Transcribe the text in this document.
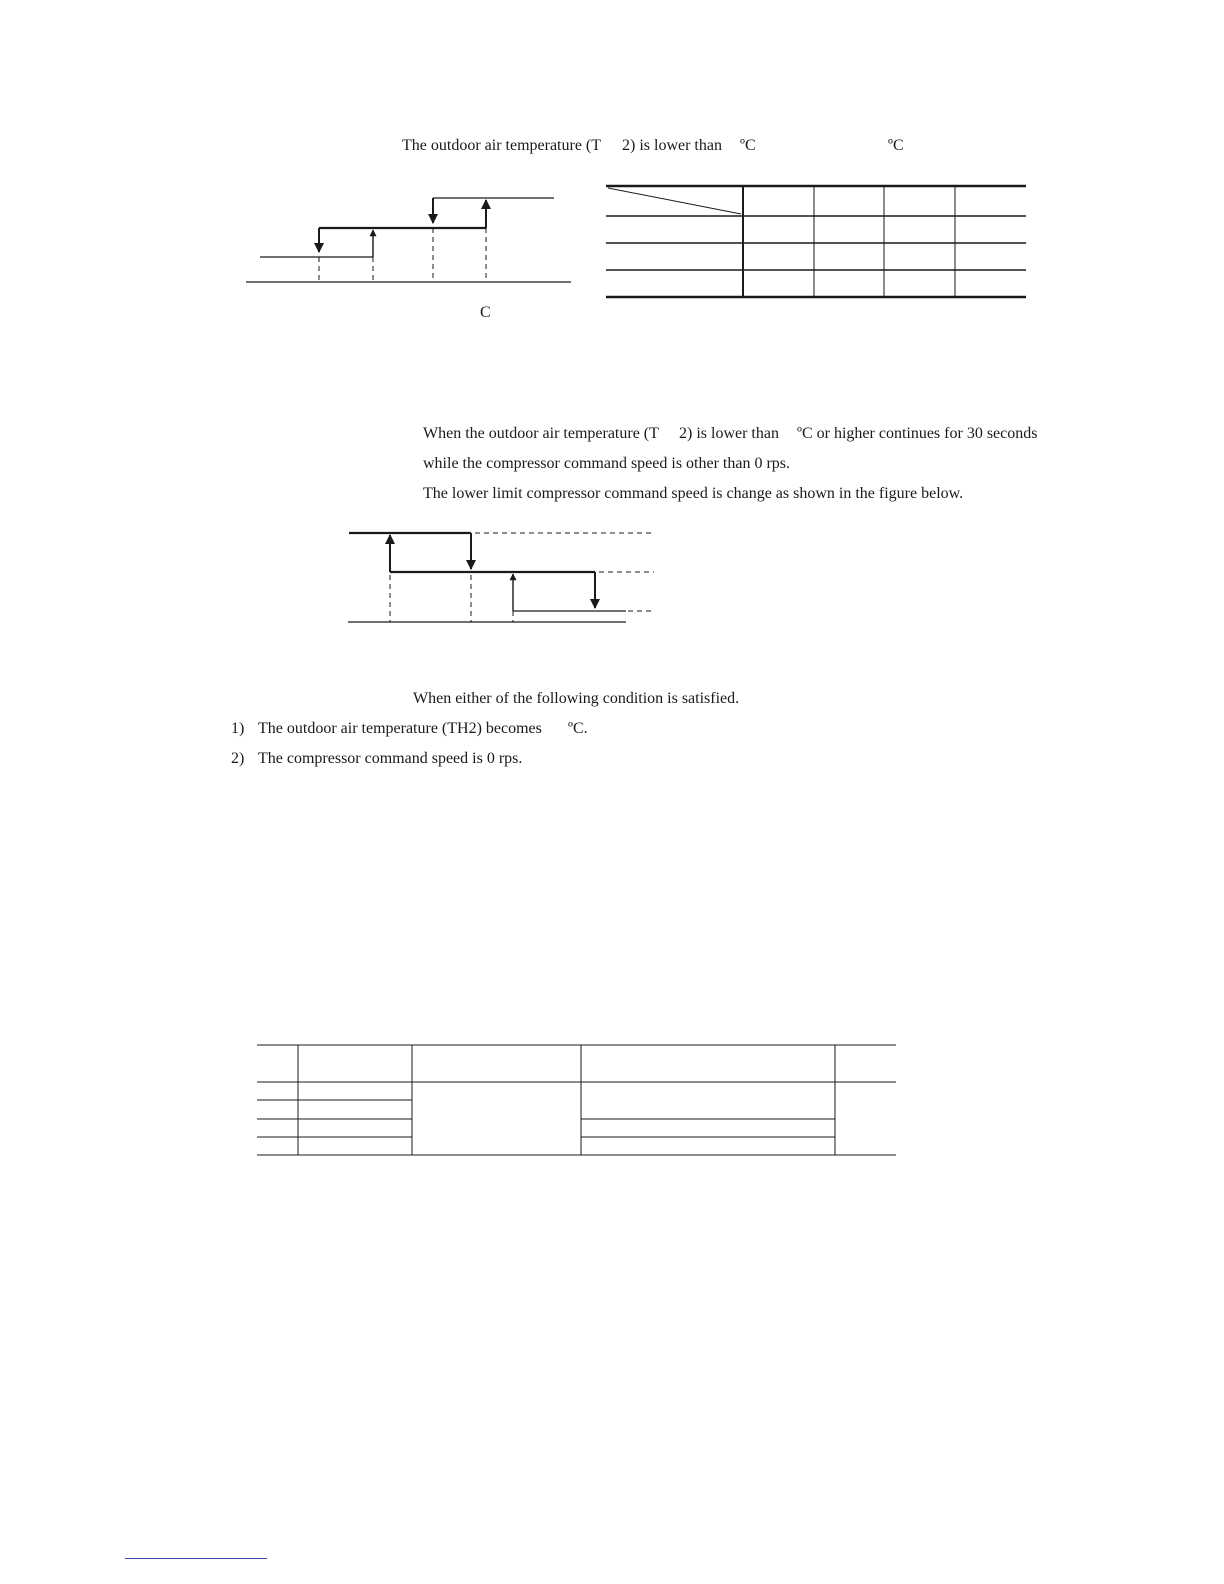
The outdoor air temperature (T 2) is lower than ºC	ºC
C
When the outdoor air temperature (T 2) is lower than ºC or higher continues for 30 seconds
while the compressor command speed is other than 0 rps.
The lower limit compressor command speed is change as shown in the figure below.
When either of the following condition is satisfied.
1) The outdoor air temperature (TH2) becomes ºC.
2) The compressor command speed is 0 rps.
